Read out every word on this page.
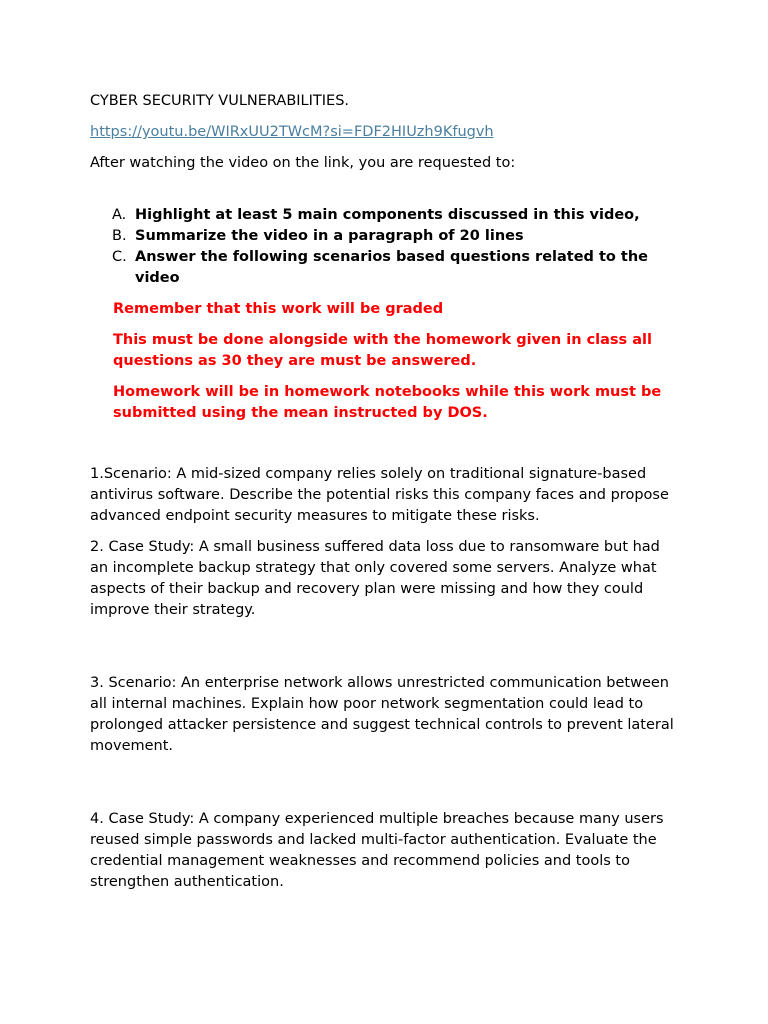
CYBER SECURITY VULNERABILITIES.

https://youtu.be/WIRxUU2TWcM?si=FDF2HIUzh9Kfugvh

After watching the video on the link, you are requested to:

A. Highlight at least 5 main components discussed in this video,
B. Summarize the video in a paragraph of 20 lines
C. Answer the following scenarios based questions related to the video

Remember that this work will be graded

This must be done alongside with the homework given in class all questions as 30 they are must be answered.

Homework will be in homework notebooks while this work must be submitted using the mean instructed by DOS.

1.Scenario: A mid-sized company relies solely on traditional signature-based antivirus software. Describe the potential risks this company faces and propose advanced endpoint security measures to mitigate these risks.

2. Case Study: A small business suffered data loss due to ransomware but had an incomplete backup strategy that only covered some servers. Analyze what aspects of their backup and recovery plan were missing and how they could improve their strategy.

3. Scenario: An enterprise network allows unrestricted communication between all internal machines. Explain how poor network segmentation could lead to prolonged attacker persistence and suggest technical controls to prevent lateral movement.

4. Case Study: A company experienced multiple breaches because many users reused simple passwords and lacked multi-factor authentication. Evaluate the credential management weaknesses and recommend policies and tools to strengthen authentication.
